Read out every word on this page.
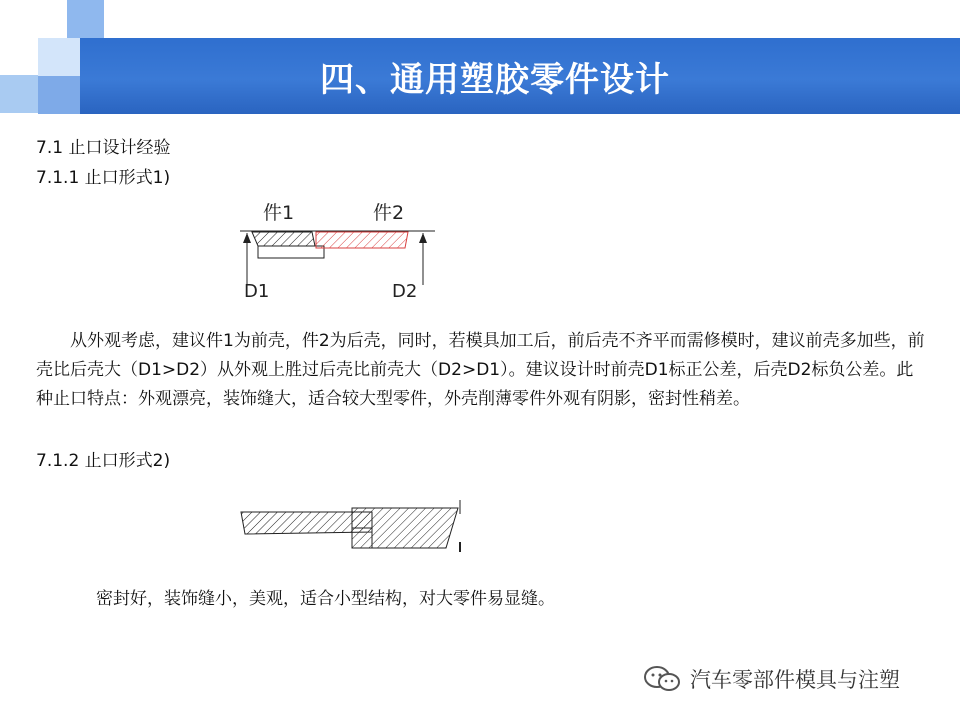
四、通用塑胶零件设计
7.1 止口设计经验
7.1.1 止口形式1)
件1	件2
D1	D2
从外观考虑，建议件1为前壳，件2为后壳，同时，若模具加工后，前后壳不齐平而需修模时，建议前壳多加些，前壳比后壳大（D1>D2）从外观上胜过后壳比前壳大（D2>D1）。建议设计时前壳D1标正公差，后壳D2标负公差。此种止口特点：外观漂亮，装饰缝大，适合较大型零件，外壳削薄零件外观有阴影，密封性稍差。
7.1.2 止口形式2)
密封好，装饰缝小，美观，适合小型结构，对大零件易显缝。
汽车零部件模具与注塑
